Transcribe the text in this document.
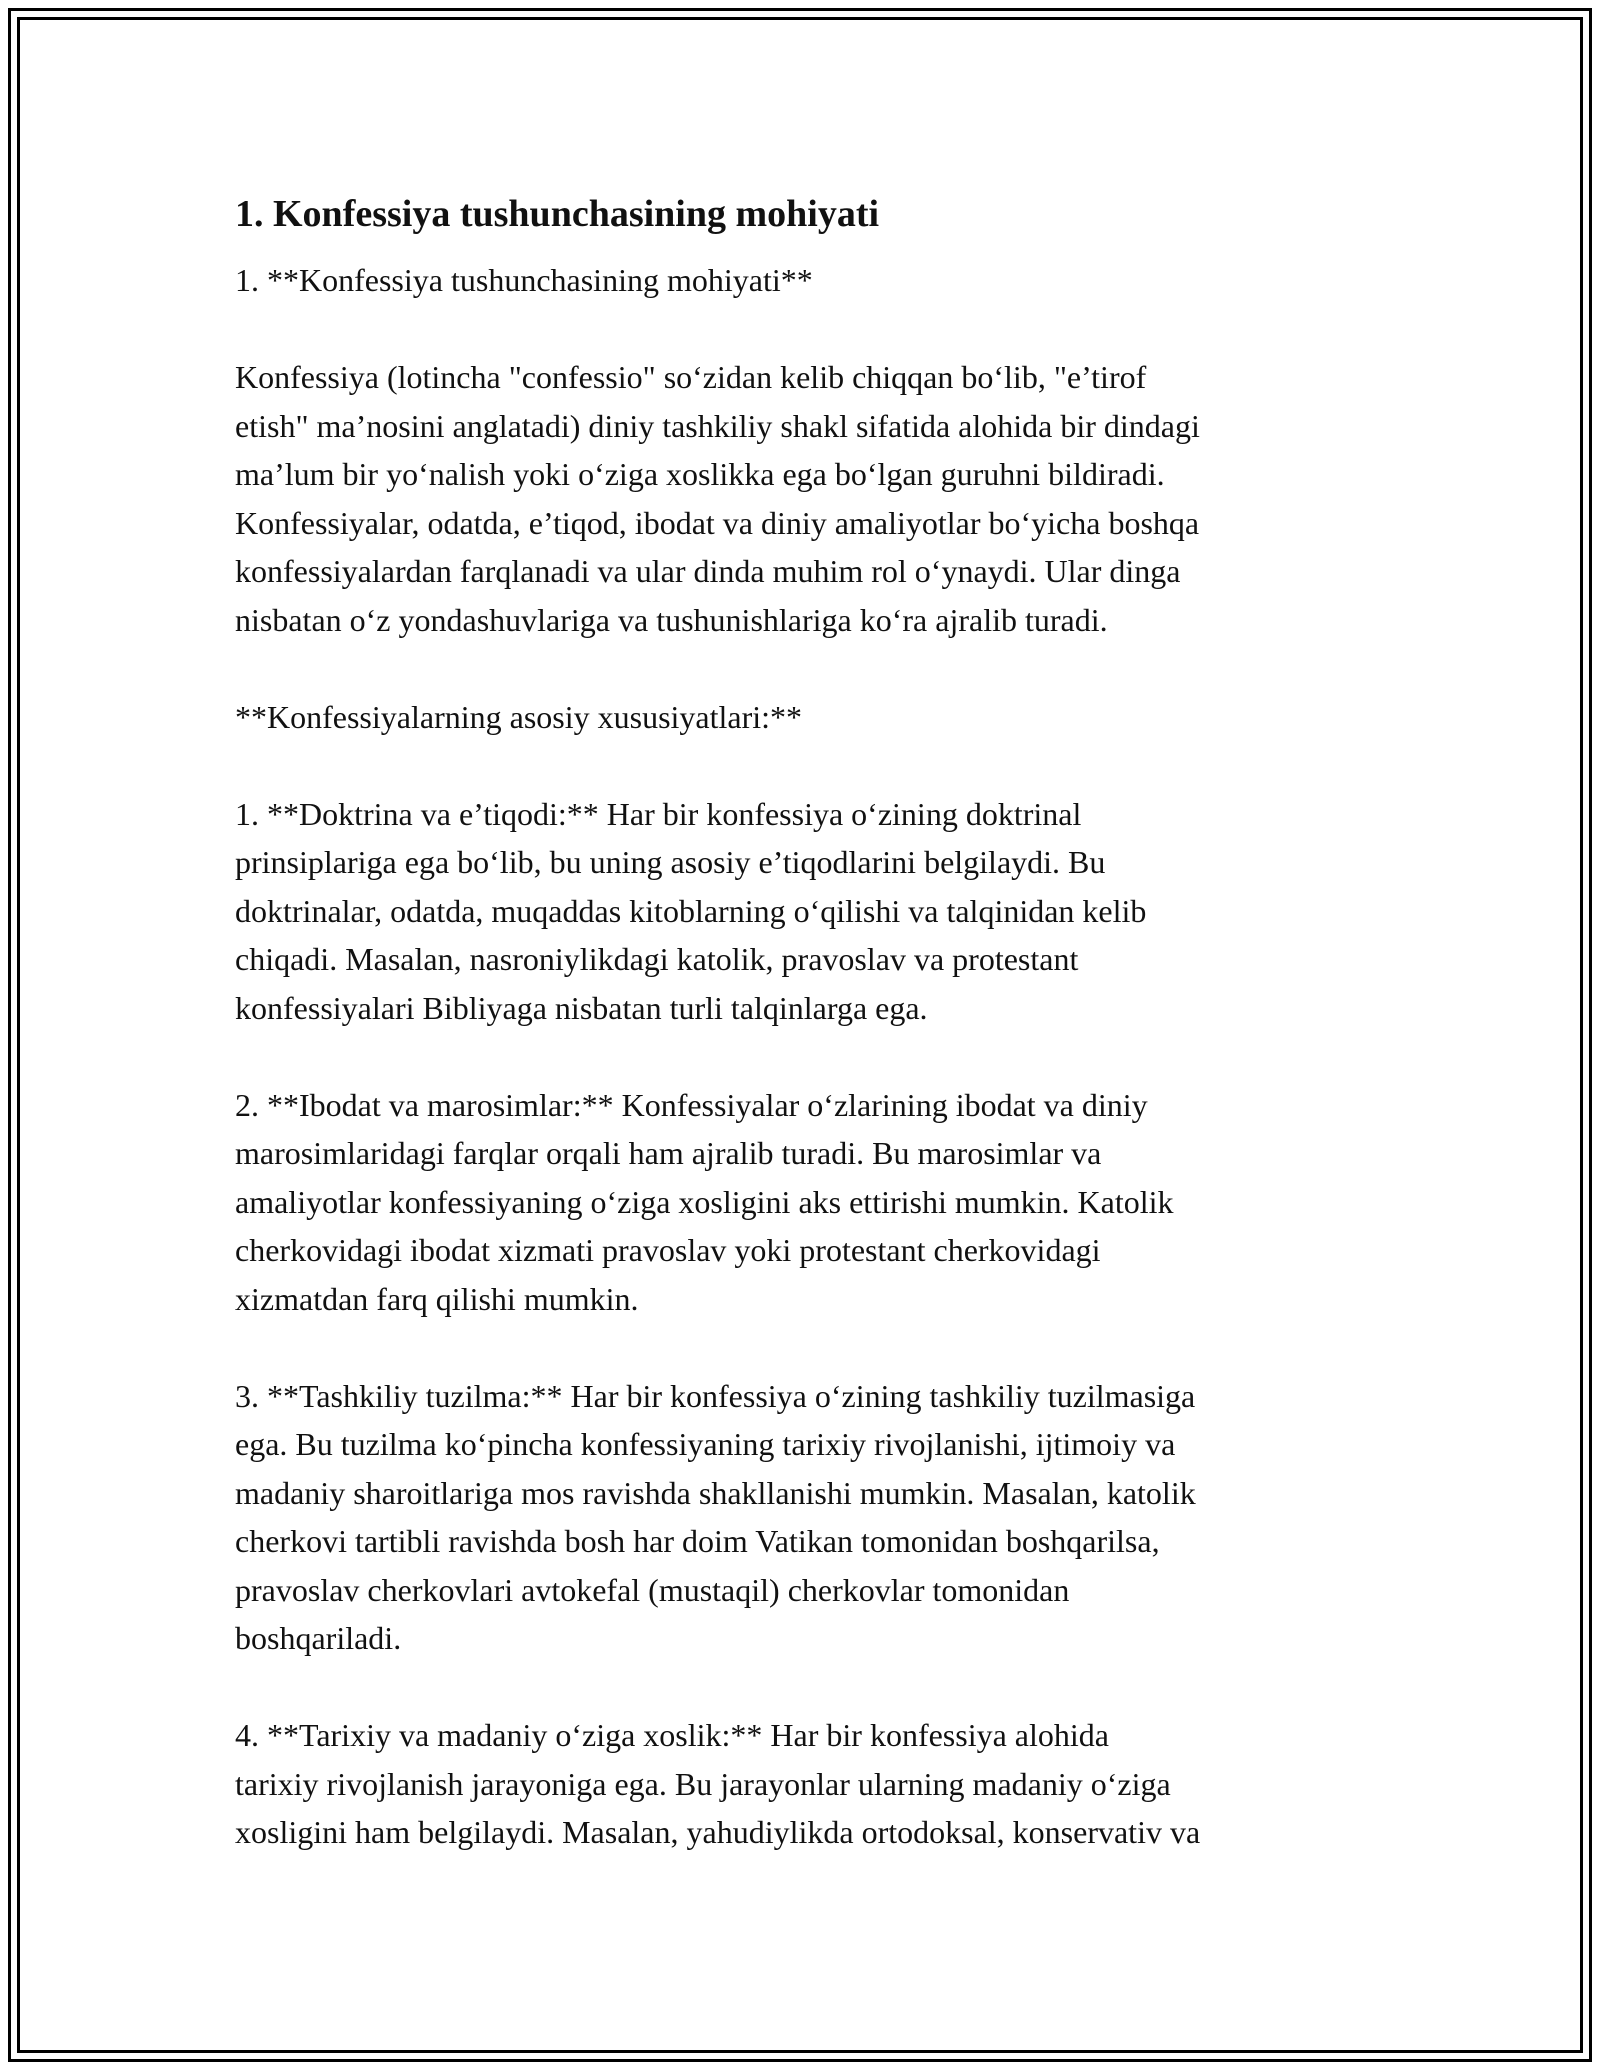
1. Konfessiya tushunchasining mohiyati

1. **Konfessiya tushunchasining mohiyati**

Konfessiya (lotincha "confessio" so‘zidan kelib chiqqan bo‘lib, "e’tirof
etish" ma’nosini anglatadi) diniy tashkiliy shakl sifatida alohida bir dindagi
ma’lum bir yo‘nalish yoki o‘ziga xoslikka ega bo‘lgan guruhni bildiradi.
Konfessiyalar, odatda, e’tiqod, ibodat va diniy amaliyotlar bo‘yicha boshqa
konfessiyalardan farqlanadi va ular dinda muhim rol o‘ynaydi. Ular dinga
nisbatan o‘z yondashuvlariga va tushunishlariga ko‘ra ajralib turadi.

**Konfessiyalarning asosiy xususiyatlari:**

1. **Doktrina va e’tiqodi:** Har bir konfessiya o‘zining doktrinal
prinsiplariga ega bo‘lib, bu uning asosiy e’tiqodlarini belgilaydi. Bu
doktrinalar, odatda, muqaddas kitoblarning o‘qilishi va talqinidan kelib
chiqadi. Masalan, nasroniylikdagi katolik, pravoslav va protestant
konfessiyalari Bibliyaga nisbatan turli talqinlarga ega.

2. **Ibodat va marosimlar:** Konfessiyalar o‘zlarining ibodat va diniy
marosimlaridagi farqlar orqali ham ajralib turadi. Bu marosimlar va
amaliyotlar konfessiyaning o‘ziga xosligini aks ettirishi mumkin. Katolik
cherkovidagi ibodat xizmati pravoslav yoki protestant cherkovidagi
xizmatdan farq qilishi mumkin.

3. **Tashkiliy tuzilma:** Har bir konfessiya o‘zining tashkiliy tuzilmasiga
ega. Bu tuzilma ko‘pincha konfessiyaning tarixiy rivojlanishi, ijtimoiy va
madaniy sharoitlariga mos ravishda shakllanishi mumkin. Masalan, katolik
cherkovi tartibli ravishda bosh har doim Vatikan tomonidan boshqarilsa,
pravoslav cherkovlari avtokefal (mustaqil) cherkovlar tomonidan
boshqariladi.

4. **Tarixiy va madaniy o‘ziga xoslik:** Har bir konfessiya alohida
tarixiy rivojlanish jarayoniga ega. Bu jarayonlar ularning madaniy o‘ziga
xosligini ham belgilaydi. Masalan, yahudiylikda ortodoksal, konservativ va
